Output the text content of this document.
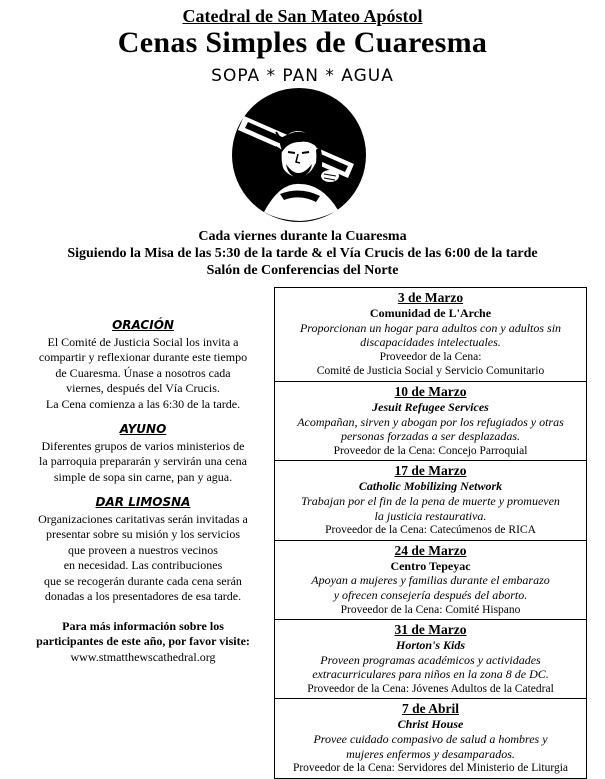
Catedral de San Mateo Apóstol
Cenas Simples de Cuaresma
SOPA * PAN * AGUA
Cada viernes durante la Cuaresma
Siguiendo la Misa de las 5:30 de la tarde & el Vía Crucis de las 6:00 de la tarde
Salón de Conferencias del Norte
ORACIÓN
El Comité de Justicia Social los invita a
compartir y reflexionar durante este tiempo
de Cuaresma. Únase a nosotros cada
viernes, después del Vía Crucis.
La Cena comienza a las 6:30 de la tarde.
AYUNO
Diferentes grupos de varios ministerios de
la parroquia prepararán y servirán una cena
simple de sopa sin carne, pan y agua.
DAR LIMOSNA
Organizaciones caritativas serán invitadas a
presentar sobre su misión y los servicios
que proveen a nuestros vecinos
en necesidad. Las contribuciones
que se recogerán durante cada cena serán
donadas a los presentadores de esa tarde.
Para más información sobre los
participantes de este año, por favor visite:
www.stmatthewscathedral.org
3 de Marzo
Comunidad de L'Arche
Proporcionan un hogar para adultos con y adultos sin
discapacidades intelectuales.
Proveedor de la Cena:
Comité de Justicia Social y Servicio Comunitario
10 de Marzo
Jesuit Refugee Services
Acompañan, sirven y abogan por los refugiados y otras
personas forzadas a ser desplazadas.
Proveedor de la Cena: Concejo Parroquial
17 de Marzo
Catholic Mobilizing Network
Trabajan por el fin de la pena de muerte y promueven
la justicia restaurativa.
Proveedor de la Cena: Catecúmenos de RICA
24 de Marzo
Centro Tepeyac
Apoyan a mujeres y familias durante el embarazo
y ofrecen consejería después del aborto.
Proveedor de la Cena: Comité Hispano
31 de Marzo
Horton's Kids
Proveen programas académicos y actividades
extracurriculares para niños en la zona 8 de DC.
Proveedor de la Cena: Jóvenes Adultos de la Catedral
7 de Abril
Christ House
Provee cuidado compasivo de salud a hombres y
mujeres enfermos y desamparados.
Proveedor de la Cena: Servidores del Ministerio de Liturgia
